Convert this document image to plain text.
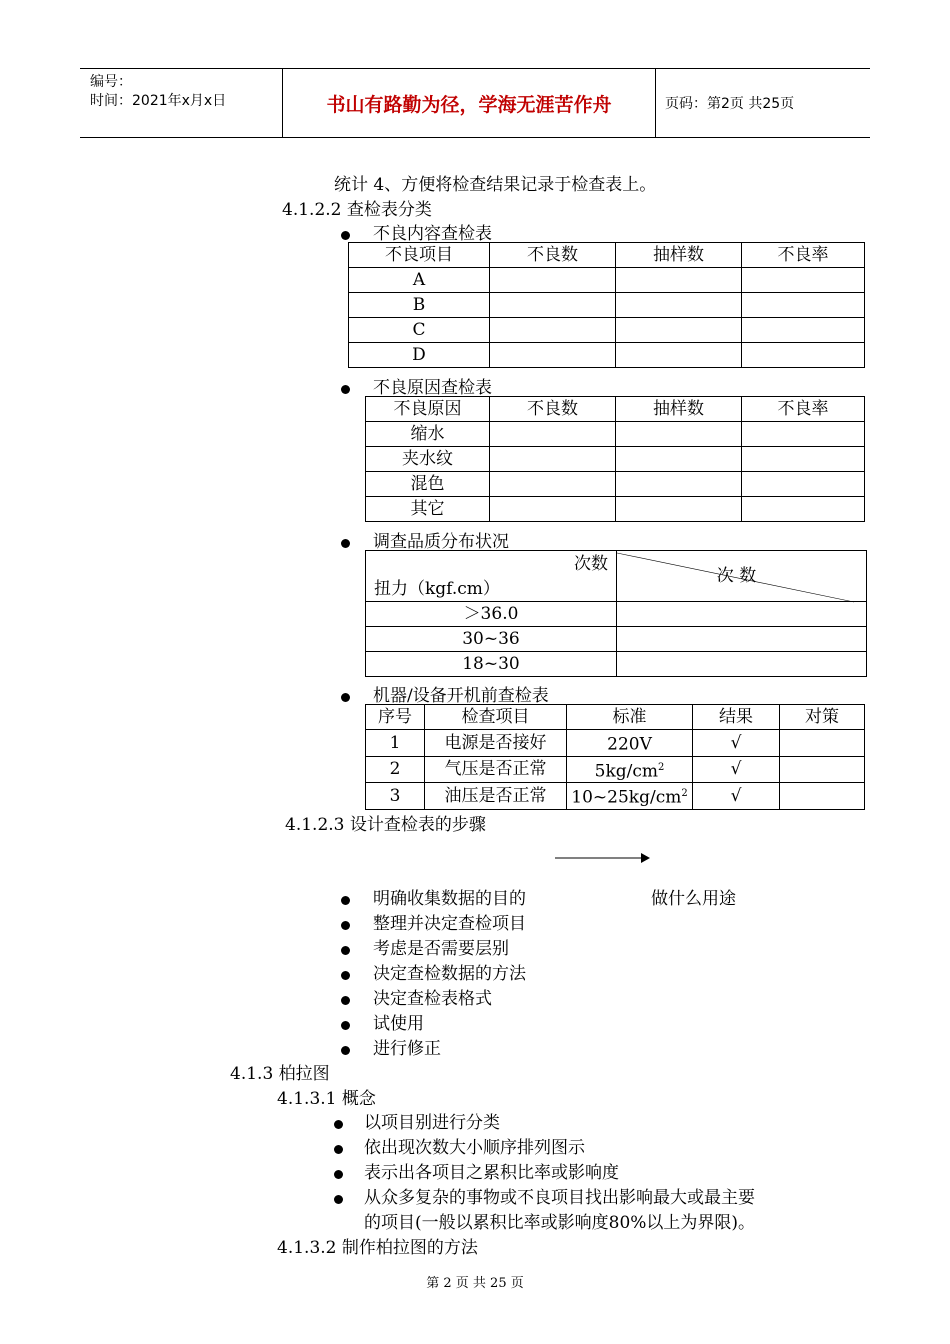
编号：
时间：2021年x月x日	书山有路勤为径，学海无涯苦作舟	页码：第2页 共25页
统计 4、方便将检查结果记录于检查表上。
4.1.2.2 查检表分类
不良内容查检表
不良项目	不良数	抽样数	不良率
A			
B			
C			
D			
不良原因查检表
不良原因	不良数	抽样数	不良率
缩水			
夹水纹			
混色			
其它			
调查品质分布状况
次数
扭力（kgf.cm）	次 数
＞36.0	
30~36	
18~30	
机器/设备开机前查检表
序号	检查项目	标准	结果	对策
1	电源是否接好	220V	√	
2	气压是否正常	$5kg/cm^2$	√	
3	油压是否正常	$10\sim 25kg/cm^2$	√	
4.1.2.3 设计查检表的步骤
明确收集数据的目的	做什么用途
整理并决定查检项目
考虑是否需要层别
决定查检数据的方法
决定查检表格式
试使用
进行修正
4.1.3 柏拉图
4.1.3.1 概念
以项目别进行分类
依出现次数大小顺序排列图示
表示出各项目之累积比率或影响度
从众多复杂的事物或不良项目找出影响最大或最主要
的项目(一般以累积比率或影响度80%以上为界限)。
4.1.3.2 制作柏拉图的方法
第 2 页 共 25 页
